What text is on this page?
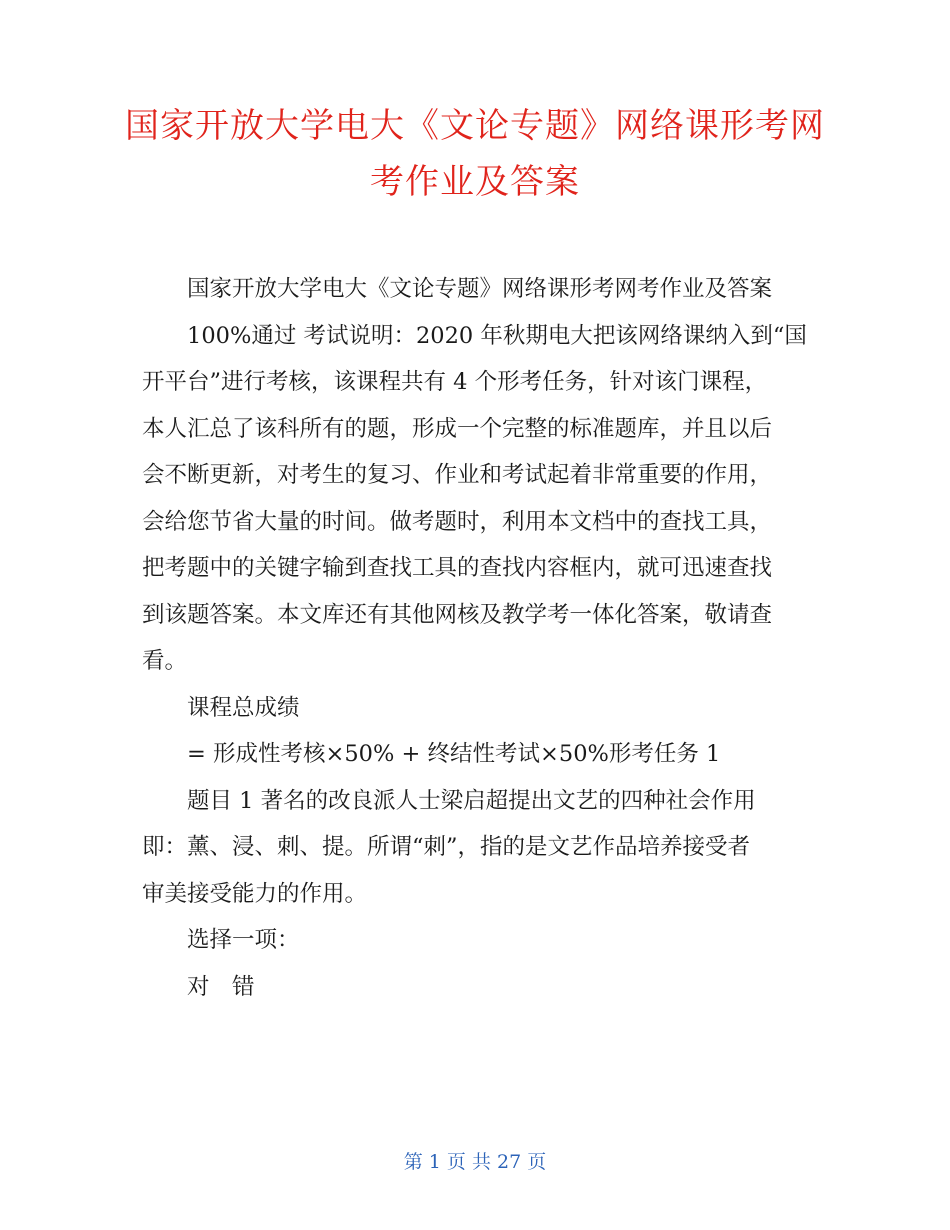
国家开放大学电大《文论专题》网络课形考网
考作业及答案
国家开放大学电大《文论专题》网络课形考网考作业及答案
100%通过 考试说明：2020 年秋期电大把该网络课纳入到“国
开平台”进行考核，该课程共有 4 个形考任务，针对该门课程，
本人汇总了该科所有的题，形成一个完整的标准题库，并且以后
会不断更新，对考生的复习、作业和考试起着非常重要的作用，
会给您节省大量的时间。做考题时，利用本文档中的查找工具，
把考题中的关键字输到查找工具的查找内容框内，就可迅速查找
到该题答案。本文库还有其他网核及教学考一体化答案，敬请查
看。
课程总成绩
= 形成性考核×50% + 终结性考试×50%形考任务 1
题目 1 著名的改良派人士梁启超提出文艺的四种社会作用
即：薰、浸、刺、提。所谓“刺”，指的是文艺作品培养接受者
审美接受能力的作用。
选择一项：
对　错
第 1 页 共 27 页
